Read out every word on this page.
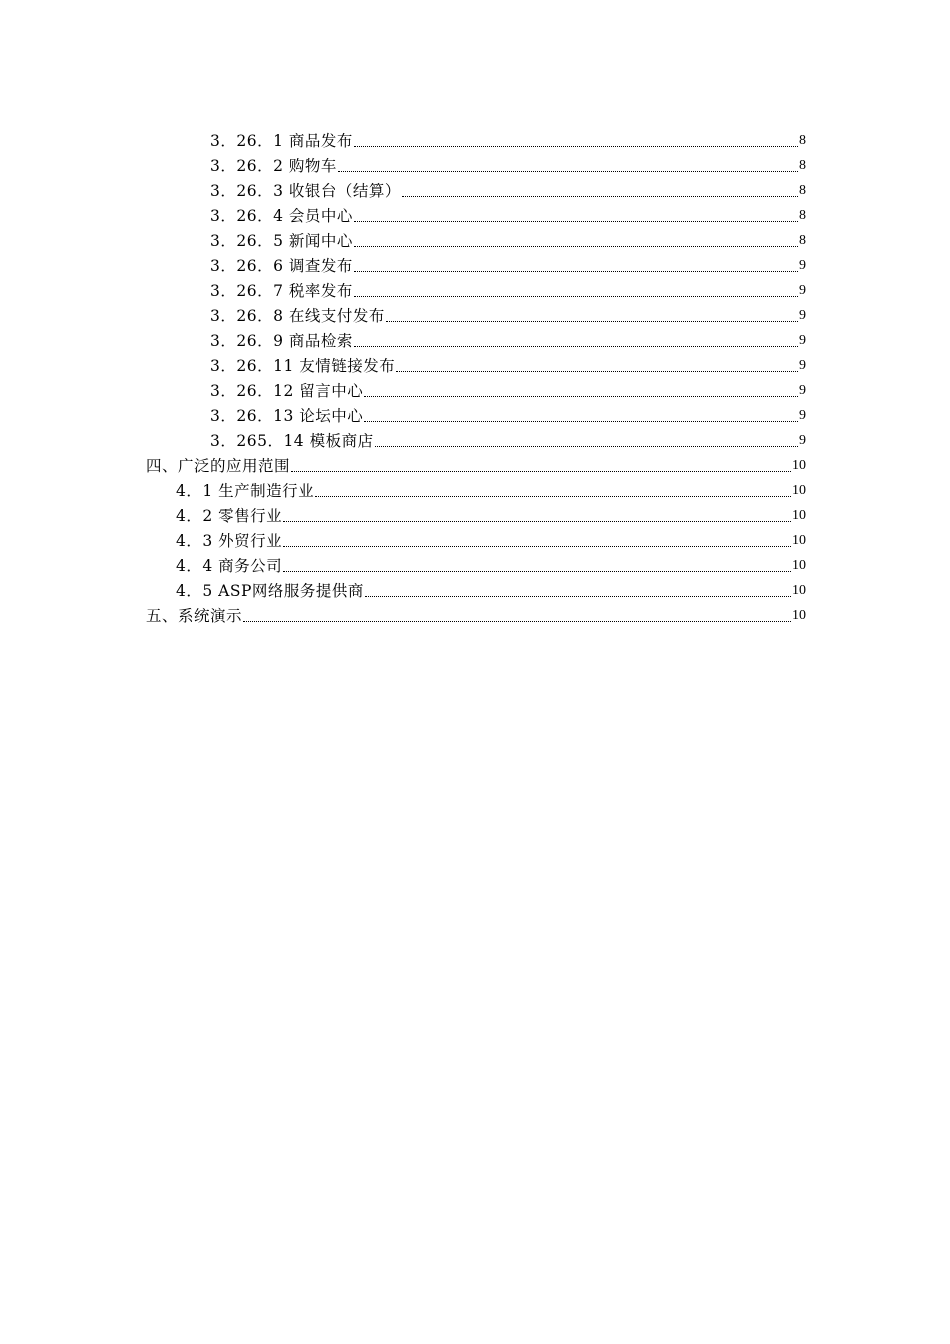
3．26．1 商品发布	8
3．26．2 购物车	8
3．26．3 收银台（结算）	8
3．26．4 会员中心	8
3．26．5 新闻中心	8
3．26．6 调查发布	9
3．26．7 税率发布	9
3．26．8 在线支付发布	9
3．26．9 商品检索	9
3．26．11 友情链接发布	9
3．26．12 留言中心	9
3．26．13 论坛中心	9
3．265．14 模板商店	9
四、广泛的应用范围	10
4．1 生产制造行业	10
4．2 零售行业	10
4．3 外贸行业	10
4．4 商务公司	10
4．5 ASP网络服务提供商	10
五、系统演示	10
